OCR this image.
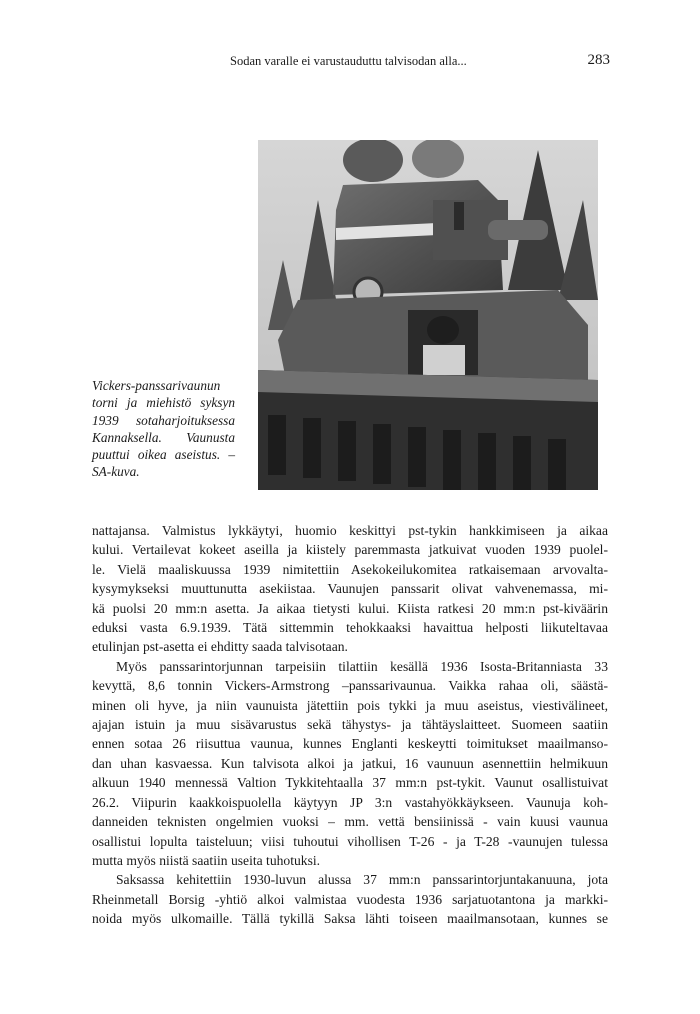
Sodan varalle ei varustauduttu talvisodan alla...	283
Vickers-panssarivaunun
torni ja miehistö syksyn
1939 sotaharjoituksessa
Kannaksella. Vaunusta
puuttui oikea aseistus. –
SA-kuva.
nattajansa. Valmistus lykkäytyi, huomio keskittyi pst-tykin hankkimiseen ja aikaa
kului. Vertailevat kokeet aseilla ja kiistely paremmasta jatkuivat vuoden 1939 puolel-
le. Vielä maaliskuussa 1939 nimitettiin Asekokeilukomitea ratkaisemaan arvovalta-
kysymykseksi muuttunutta asekiistaa. Vaunujen panssarit olivat vahvenemassa, mi-
kä puolsi 20 mm:n asetta. Ja aikaa tietysti kului. Kiista ratkesi 20 mm:n pst-kiväärin
eduksi vasta 6.9.1939. Tätä sittemmin tehokkaaksi havaittua helposti liikuteltavaa
etulinjan pst-asetta ei ehditty saada talvisotaan.
Myös panssarintorjunnan tarpeisiin tilattiin kesällä 1936 Isosta-Britanniasta 33
kevyttä, 8,6 tonnin Vickers-Armstrong –panssarivaunua. Vaikka rahaa oli, säästä-
minen oli hyve, ja niin vaunuista jätettiin pois tykki ja muu aseistus, viestivälineet,
ajajan istuin ja muu sisävarustus sekä tähystys- ja tähtäyslaitteet. Suomeen saatiin
ennen sotaa 26 riisuttua vaunua, kunnes Englanti keskeytti toimitukset maailmanso-
dan uhan kasvaessa. Kun talvisota alkoi ja jatkui, 16 vaunuun asennettiin helmikuun
alkuun 1940 mennessä Valtion Tykkitehtaalla 37 mm:n pst-tykit. Vaunut osallistuivat
26.2. Viipurin kaakkoispuolella käytyyn JP 3:n vastahyökkäykseen. Vaunuja koh-
danneiden teknisten ongelmien vuoksi – mm. vettä bensiinissä - vain kuusi vaunua
osallistui lopulta taisteluun; viisi tuhoutui vihollisen T-26 - ja T-28 -vaunujen tulessa
mutta myös niistä saatiin useita tuhotuksi.
Saksassa kehitettiin 1930-luvun alussa 37 mm:n panssarintorjuntakanuuna, jota
Rheinmetall Borsig -yhtiö alkoi valmistaa vuodesta 1936 sarjatuotantona ja markki-
noida myös ulkomaille. Tällä tykillä Saksa lähti toiseen maailmansotaan, kunnes se
